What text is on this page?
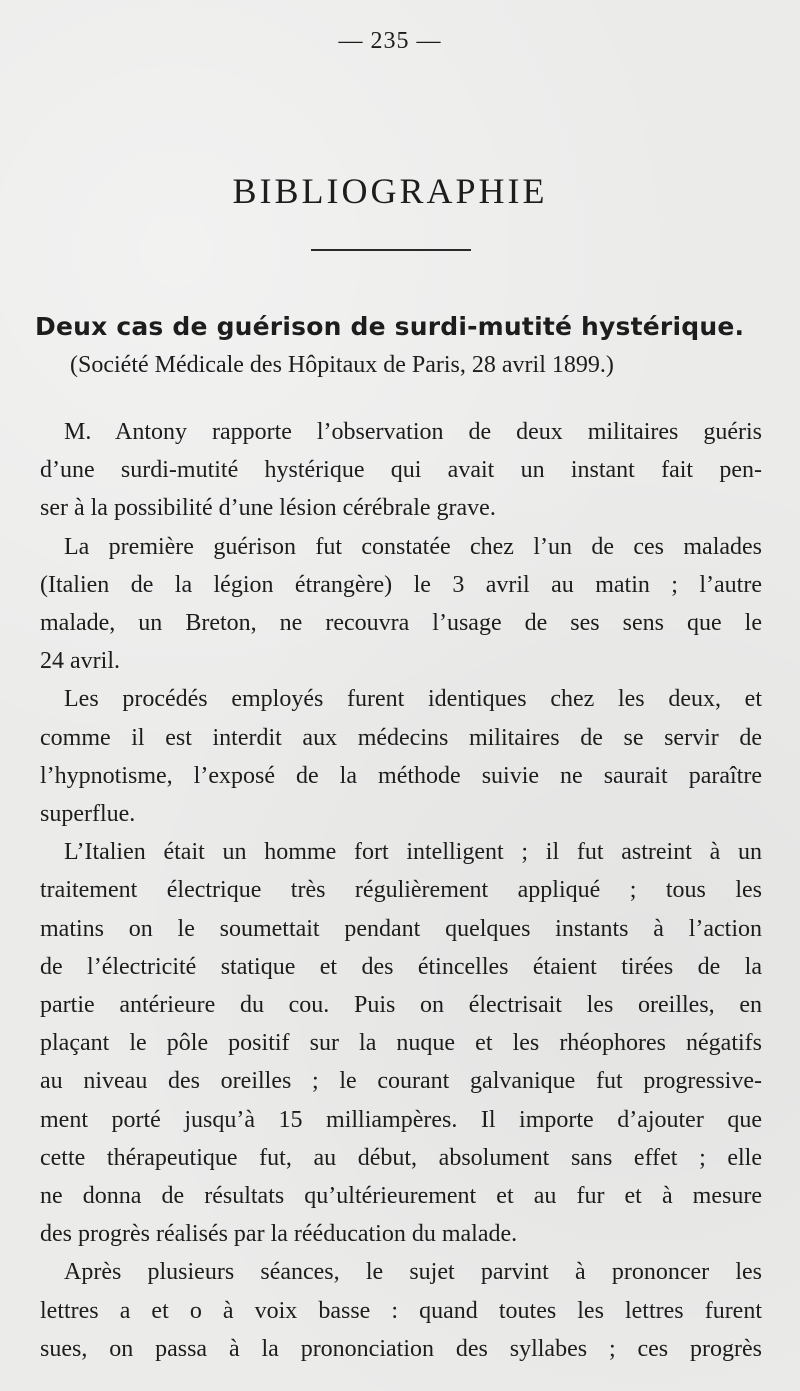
— 235 —
BIBLIOGRAPHIE
Deux cas de guérison de surdi-mutité hystérique.
(Société Médicale des Hôpitaux de Paris, 28 avril 1899.)
M. Antony rapporte l’observation de deux militaires guéris
d’une surdi-mutité hystérique qui avait un instant fait pen-
ser à la possibilité d’une lésion cérébrale grave.
La première guérison fut constatée chez l’un de ces malades
(Italien de la légion étrangère) le 3 avril au matin ; l’autre
malade, un Breton, ne recouvra l’usage de ses sens que le
24 avril.
Les procédés employés furent identiques chez les deux, et
comme il est interdit aux médecins militaires de se servir de
l’hypnotisme, l’exposé de la méthode suivie ne saurait paraître
superflue.
L’Italien était un homme fort intelligent ; il fut astreint à un
traitement électrique très régulièrement appliqué ; tous les
matins on le soumettait pendant quelques instants à l’action
de l’électricité statique et des étincelles étaient tirées de la
partie antérieure du cou. Puis on électrisait les oreilles, en
plaçant le pôle positif sur la nuque et les rhéophores négatifs
au niveau des oreilles ; le courant galvanique fut progressive-
ment porté jusqu’à 15 milliampères. Il importe d’ajouter que
cette thérapeutique fut, au début, absolument sans effet ; elle
ne donna de résultats qu’ultérieurement et au fur et à mesure
des progrès réalisés par la rééducation du malade.
Après plusieurs séances, le sujet parvint à prononcer les
lettres a et o à voix basse : quand toutes les lettres furent
sues, on passa à la prononciation des syllabes ; ces progrès
